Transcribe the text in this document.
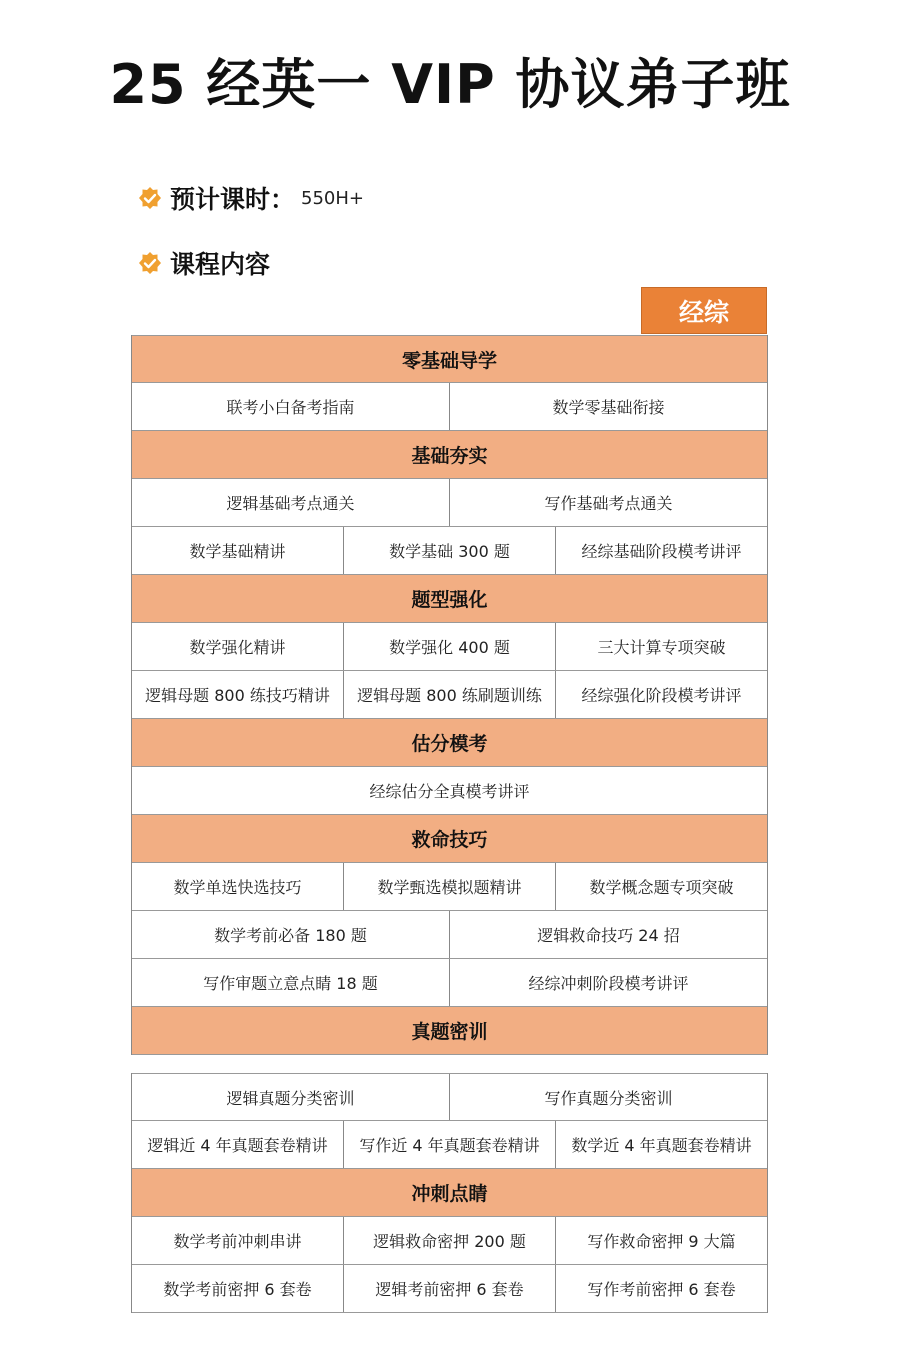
25 经英一 VIP 协议弟子班
预计课时： 550H+
课程内容
经综
零基础导学
联考小白备考指南	数学零基础衔接
基础夯实
逻辑基础考点通关	写作基础考点通关
数学基础精讲	数学基础 300 题	经综基础阶段模考讲评
题型强化
数学强化精讲	数学强化 400 题	三大计算专项突破
逻辑母题 800 练技巧精讲	逻辑母题 800 练刷题训练	经综强化阶段模考讲评
估分模考
经综估分全真模考讲评
救命技巧
数学单选快选技巧	数学甄选模拟题精讲	数学概念题专项突破
数学考前必备 180 题	逻辑救命技巧 24 招
写作审题立意点睛 18 题	经综冲刺阶段模考讲评
真题密训
逻辑真题分类密训	写作真题分类密训
逻辑近 4 年真题套卷精讲	写作近 4 年真题套卷精讲	数学近 4 年真题套卷精讲
冲刺点睛
数学考前冲刺串讲	逻辑救命密押 200 题	写作救命密押 9 大篇
数学考前密押 6 套卷	逻辑考前密押 6 套卷	写作考前密押 6 套卷
